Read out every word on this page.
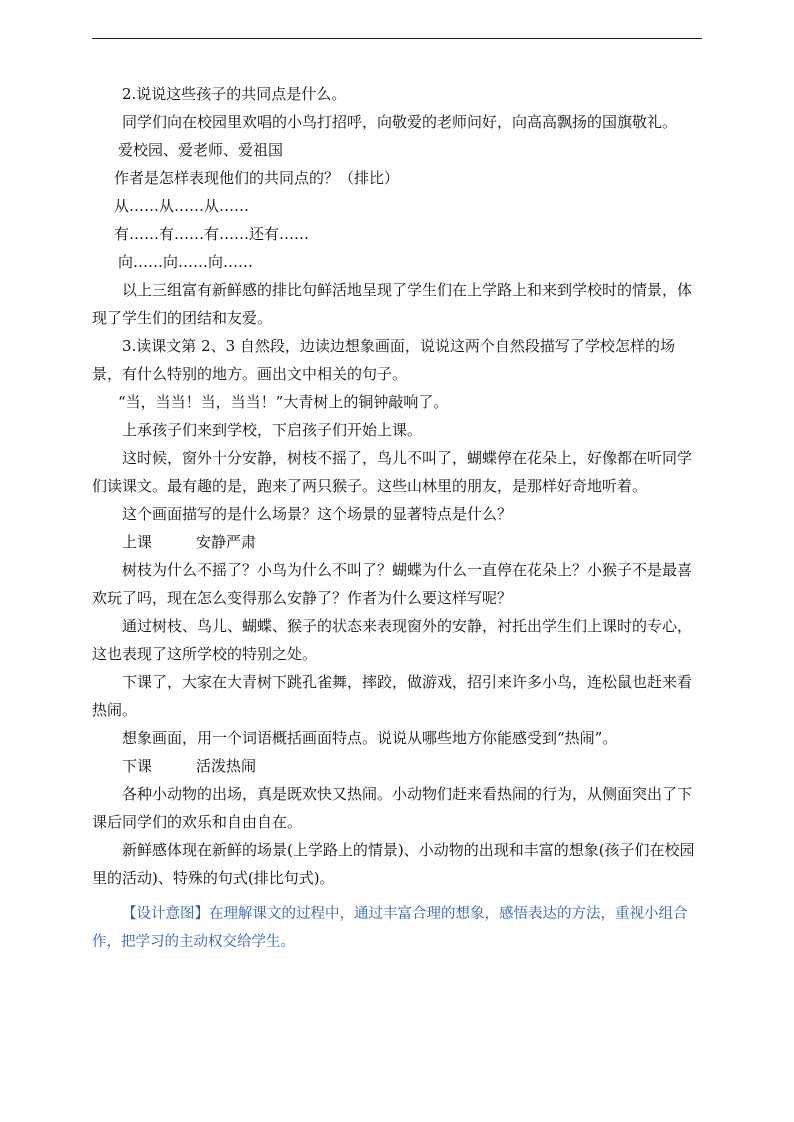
2.说说这些孩子的共同点是什么。

同学们向在校园里欢唱的小鸟打招呼，向敬爱的老师问好，向高高飘扬的国旗敬礼。

爱校园、爱老师、爱祖国

作者是怎样表现他们的共同点的？（排比）

从……从……从……

有……有……有……还有……

向……向……向……

以上三组富有新鲜感的排比句鲜活地呈现了学生们在上学路上和来到学校时的情景，体现了学生们的团结和友爱。

3.读课文第 2、3 自然段，边读边想象画面，说说这两个自然段描写了学校怎样的场景，有什么特别的地方。画出文中相关的句子。

“当，当当！当，当当！”大青树上的铜钟敲响了。

上承孩子们来到学校，下启孩子们开始上课。

这时候，窗外十分安静，树枝不摇了，鸟儿不叫了，蝴蝶停在花朵上，好像都在听同学们读课文。最有趣的是，跑来了两只猴子。这些山林里的朋友，是那样好奇地听着。

这个画面描写的是什么场景？这个场景的显著特点是什么？

上课	安静严肃

树枝为什么不摇了？小鸟为什么不叫了？蝴蝶为什么一直停在花朵上？小猴子不是最喜欢玩了吗，现在怎么变得那么安静了？作者为什么要这样写呢？

通过树枝、鸟儿、蝴蝶、猴子的状态来表现窗外的安静，衬托出学生们上课时的专心，这也表现了这所学校的特别之处。

下课了，大家在大青树下跳孔雀舞，摔跤，做游戏，招引来许多小鸟，连松鼠也赶来看热闹。

想象画面，用一个词语概括画面特点。说说从哪些地方你能感受到“热闹”。

下课	活泼热闹

各种小动物的出场，真是既欢快又热闹。小动物们赶来看热闹的行为，从侧面突出了下课后同学们的欢乐和自由自在。

新鲜感体现在新鲜的场景(上学路上的情景)、小动物的出现和丰富的想象(孩子们在校园里的活动)、特殊的句式(排比句式)。

【设计意图】在理解课文的过程中，通过丰富合理的想象，感悟表达的方法，重视小组合作，把学习的主动权交给学生。
